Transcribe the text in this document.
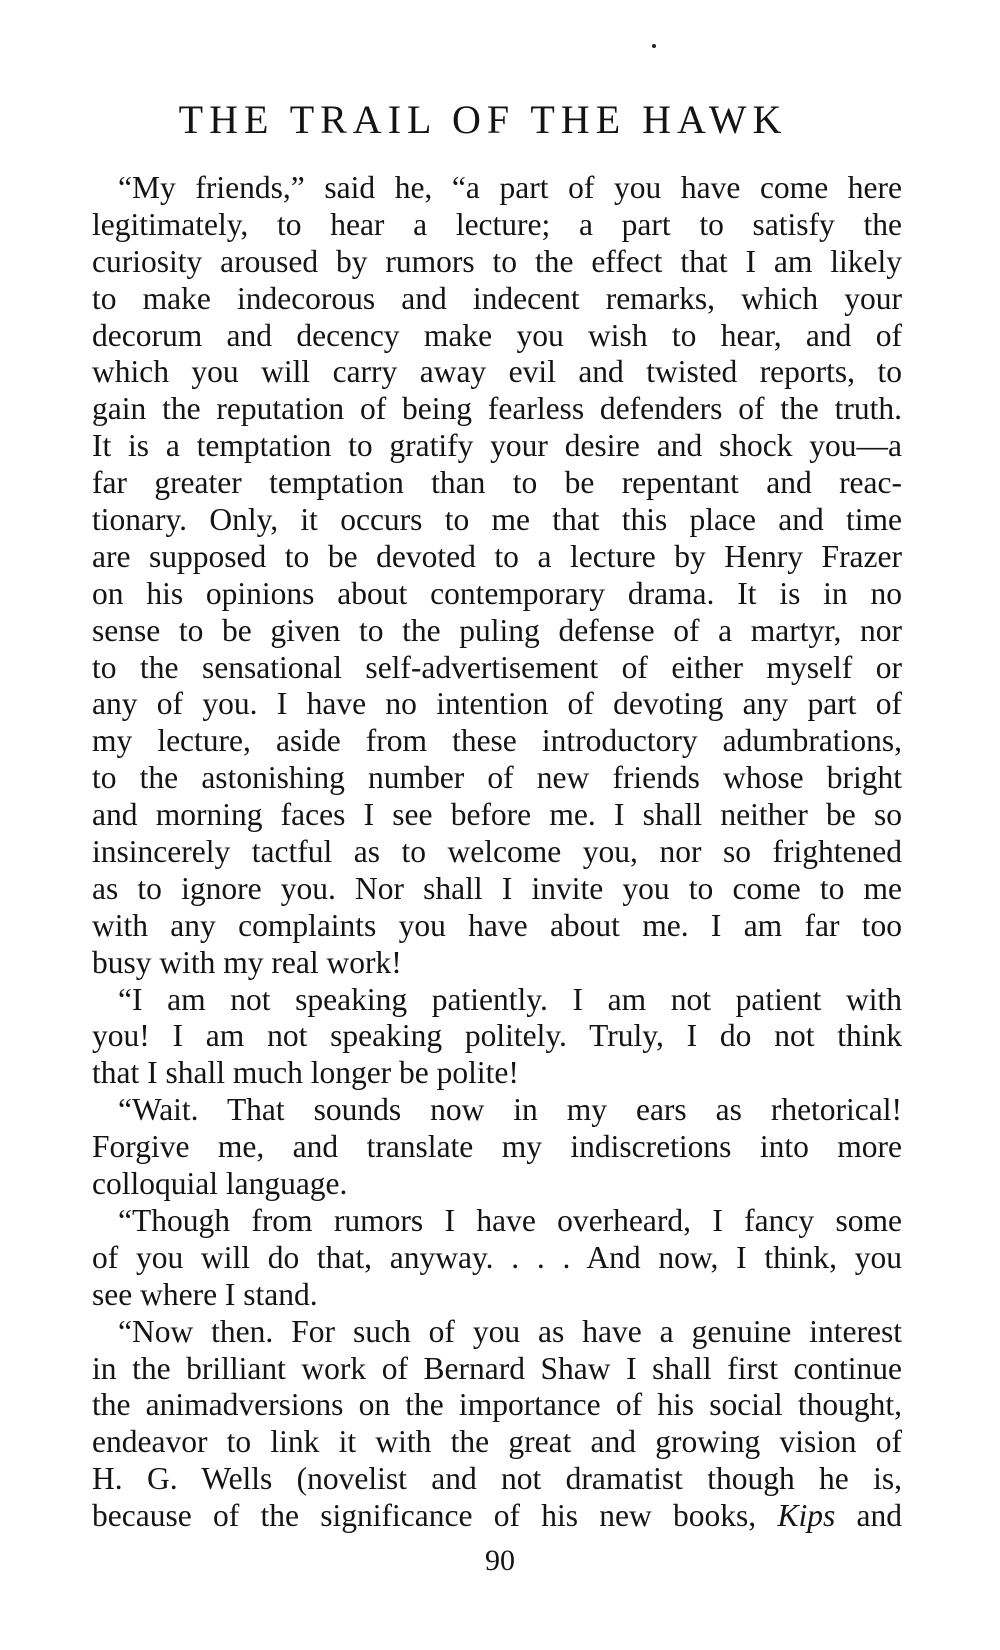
THE TRAIL OF THE HAWK
“My friends,” said he, “a part of you have come here
legitimately, to hear a lecture; a part to satisfy the
curiosity aroused by rumors to the effect that I am likely
to make indecorous and indecent remarks, which your
decorum and decency make you wish to hear, and of
which you will carry away evil and twisted reports, to
gain the reputation of being fearless defenders of the truth.
It is a temptation to gratify your desire and shock you—a
far greater temptation than to be repentant and reac-
tionary. Only, it occurs to me that this place and time
are supposed to be devoted to a lecture by Henry Frazer
on his opinions about contemporary drama. It is in no
sense to be given to the puling defense of a martyr, nor
to the sensational self-advertisement of either myself or
any of you. I have no intention of devoting any part of
my lecture, aside from these introductory adumbrations,
to the astonishing number of new friends whose bright
and morning faces I see before me. I shall neither be so
insincerely tactful as to welcome you, nor so frightened
as to ignore you. Nor shall I invite you to come to me
with any complaints you have about me. I am far too
busy with my real work!
“I am not speaking patiently. I am not patient with
you! I am not speaking politely. Truly, I do not think
that I shall much longer be polite!
“Wait. That sounds now in my ears as rhetorical!
Forgive me, and translate my indiscretions into more
colloquial language.
“Though from rumors I have overheard, I fancy some
of you will do that, anyway. . . . And now, I think, you
see where I stand.
“Now then. For such of you as have a genuine interest
in the brilliant work of Bernard Shaw I shall first continue
the animadversions on the importance of his social thought,
endeavor to link it with the great and growing vision of
H. G. Wells (novelist and not dramatist though he is,
because of the significance of his new books, Kips and
90
